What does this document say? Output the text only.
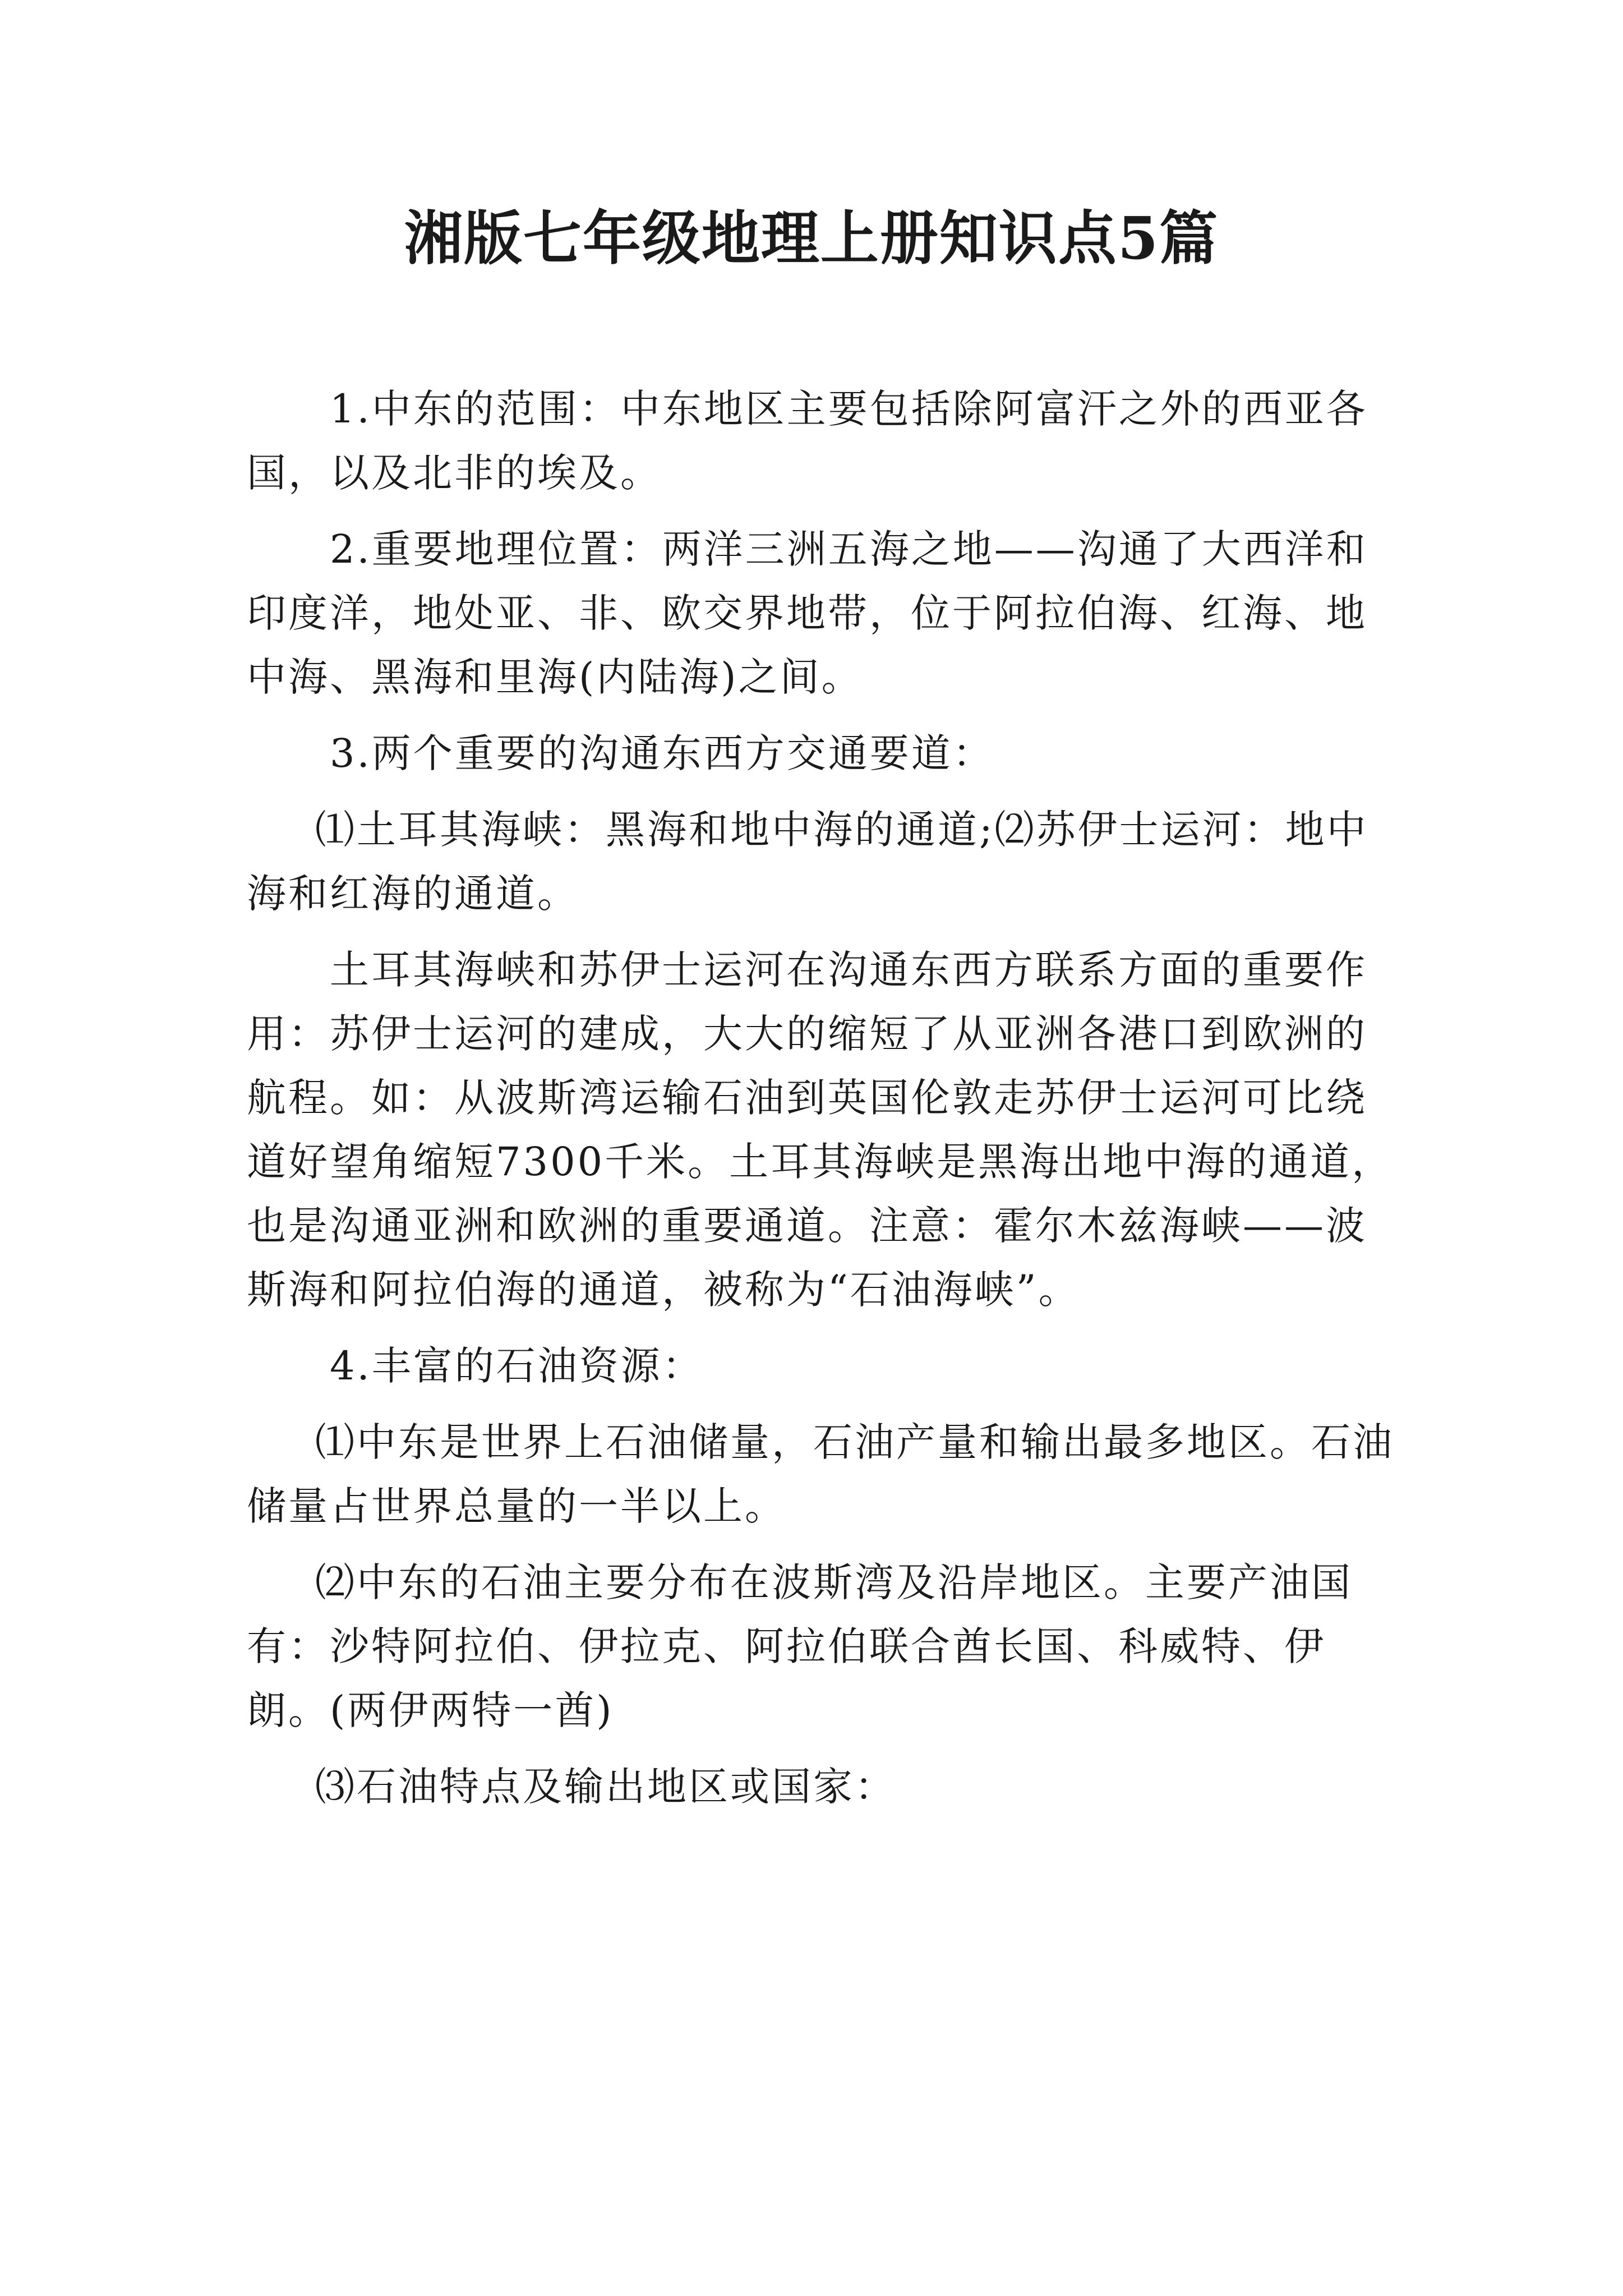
湘版七年级地理上册知识点5篇

1.中东的范围：中东地区主要包括除阿富汗之外的西亚各国，以及北非的埃及。

2.重要地理位置：两洋三洲五海之地——沟通了大西洋和印度洋，地处亚、非、欧交界地带，位于阿拉伯海、红海、地中海、黑海和里海(内陆海)之间。

3.两个重要的沟通东西方交通要道：

⑴土耳其海峡：黑海和地中海的通道;⑵苏伊士运河：地中海和红海的通道。

土耳其海峡和苏伊士运河在沟通东西方联系方面的重要作用：苏伊士运河的建成，大大的缩短了从亚洲各港口到欧洲的航程。如：从波斯湾运输石油到英国伦敦走苏伊士运河可比绕道好望角缩短7300千米。土耳其海峡是黑海出地中海的通道，也是沟通亚洲和欧洲的重要通道。注意：霍尔木兹海峡——波斯海和阿拉伯海的通道，被称为“石油海峡”。

4.丰富的石油资源：

⑴中东是世界上石油储量，石油产量和输出最多地区。石油储量占世界总量的一半以上。

⑵中东的石油主要分布在波斯湾及沿岸地区。主要产油国有：沙特阿拉伯、伊拉克、阿拉伯联合酋长国、科威特、伊朗。(两伊两特一酋)

⑶石油特点及输出地区或国家：
